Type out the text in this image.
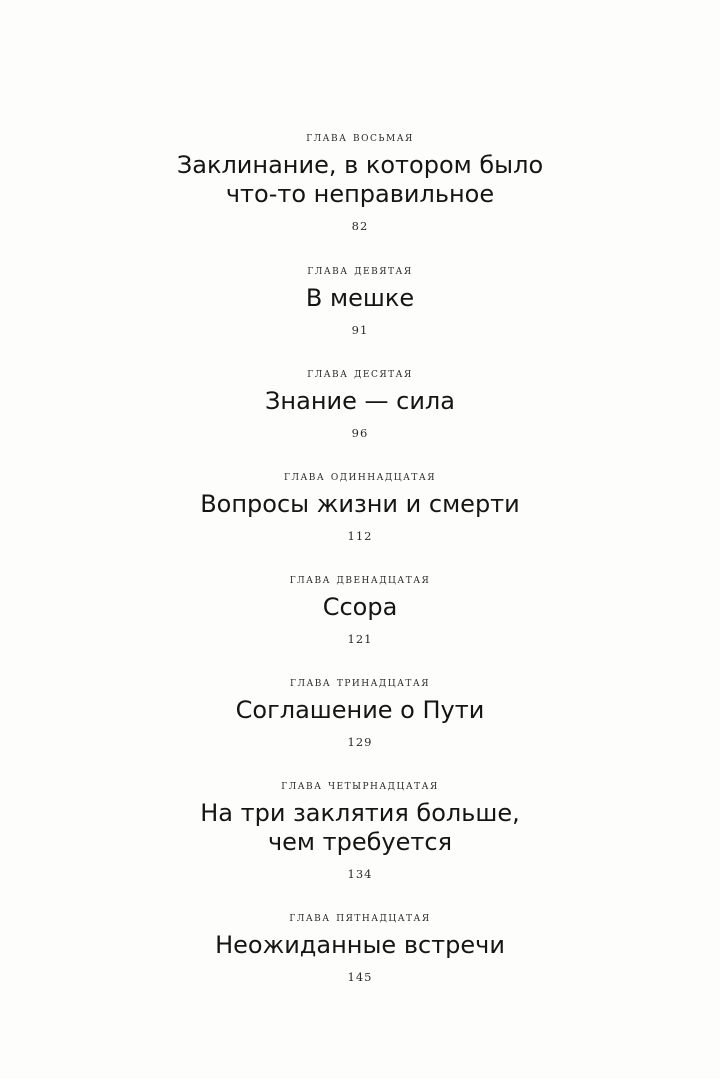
глава восьмая
Заклинание, в котором было
что-то неправильное
82
глава девятая
В мешке
91
глава десятая
Знание — сила
96
глава одиннадцатая
Вопросы жизни и смерти
112
глава двенадцатая
Ссора
121
глава тринадцатая
Соглашение о Пути
129
глава четырнадцатая
На три заклятия больше,
чем требуется
134
глава пятнадцатая
Неожиданные встречи
145
